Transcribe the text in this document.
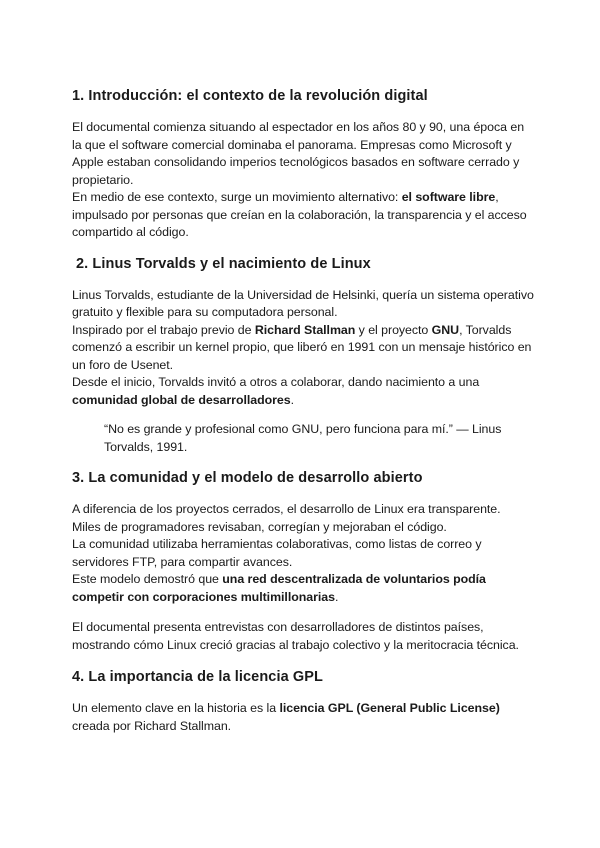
1. Introducción: el contexto de la revolución digital

El documental comienza situando al espectador en los años 80 y 90, una época en la que el software comercial dominaba el panorama. Empresas como Microsoft y Apple estaban consolidando imperios tecnológicos basados en software cerrado y propietario.

En medio de ese contexto, surge un movimiento alternativo: el software libre, impulsado por personas que creían en la colaboración, la transparencia y el acceso compartido al código.

2. Linus Torvalds y el nacimiento de Linux

Linus Torvalds, estudiante de la Universidad de Helsinki, quería un sistema operativo gratuito y flexible para su computadora personal.

Inspirado por el trabajo previo de Richard Stallman y el proyecto GNU, Torvalds comenzó a escribir un kernel propio, que liberó en 1991 con un mensaje histórico en un foro de Usenet.

Desde el inicio, Torvalds invitó a otros a colaborar, dando nacimiento a una comunidad global de desarrolladores.

“No es grande y profesional como GNU, pero funciona para mí.” — Linus Torvalds, 1991.

3. La comunidad y el modelo de desarrollo abierto

A diferencia de los proyectos cerrados, el desarrollo de Linux era transparente.

Miles de programadores revisaban, corregían y mejoraban el código.

La comunidad utilizaba herramientas colaborativas, como listas de correo y servidores FTP, para compartir avances.

Este modelo demostró que una red descentralizada de voluntarios podía competir con corporaciones multimillonarias.

El documental presenta entrevistas con desarrolladores de distintos países, mostrando cómo Linux creció gracias al trabajo colectivo y la meritocracia técnica.

4. La importancia de la licencia GPL

Un elemento clave en la historia es la licencia GPL (General Public License) creada por Richard Stallman.
